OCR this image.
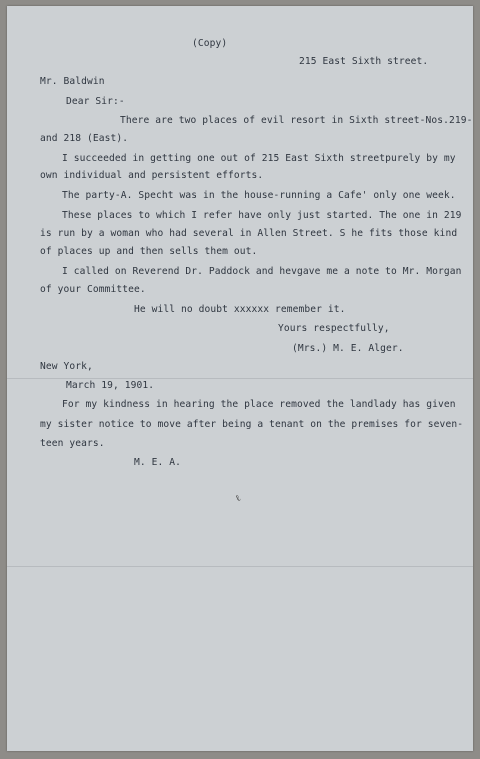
(Copy)
215 East Sixth street.
Mr. Baldwin
Dear Sir:-
There are two places of evil resort in Sixth street-Nos.219-
and 218 (East).
I succeeded in getting one out of 215 East Sixth streetpurely by my
own individual and persistent efforts.
The party-A. Specht was in the house-running a Cafe' only one week.
These places to which I refer have only just started. The one in 219
is run by a woman who had several in Allen Street. S he fits those kind
of places up and then sells them out.
I called on Reverend Dr. Paddock and hevgave me a note to Mr. Morgan
of your Committee.
He will no doubt xxxxxx remember it.
Yours respectfully,
(Mrs.) M. E. Alger.
New York,
March 19, 1901.
For my kindness in hearing the place removed the landlady has given
my sister notice to move after being a tenant on the premises for seven-
teen years.
M. E. A.
ℓ
